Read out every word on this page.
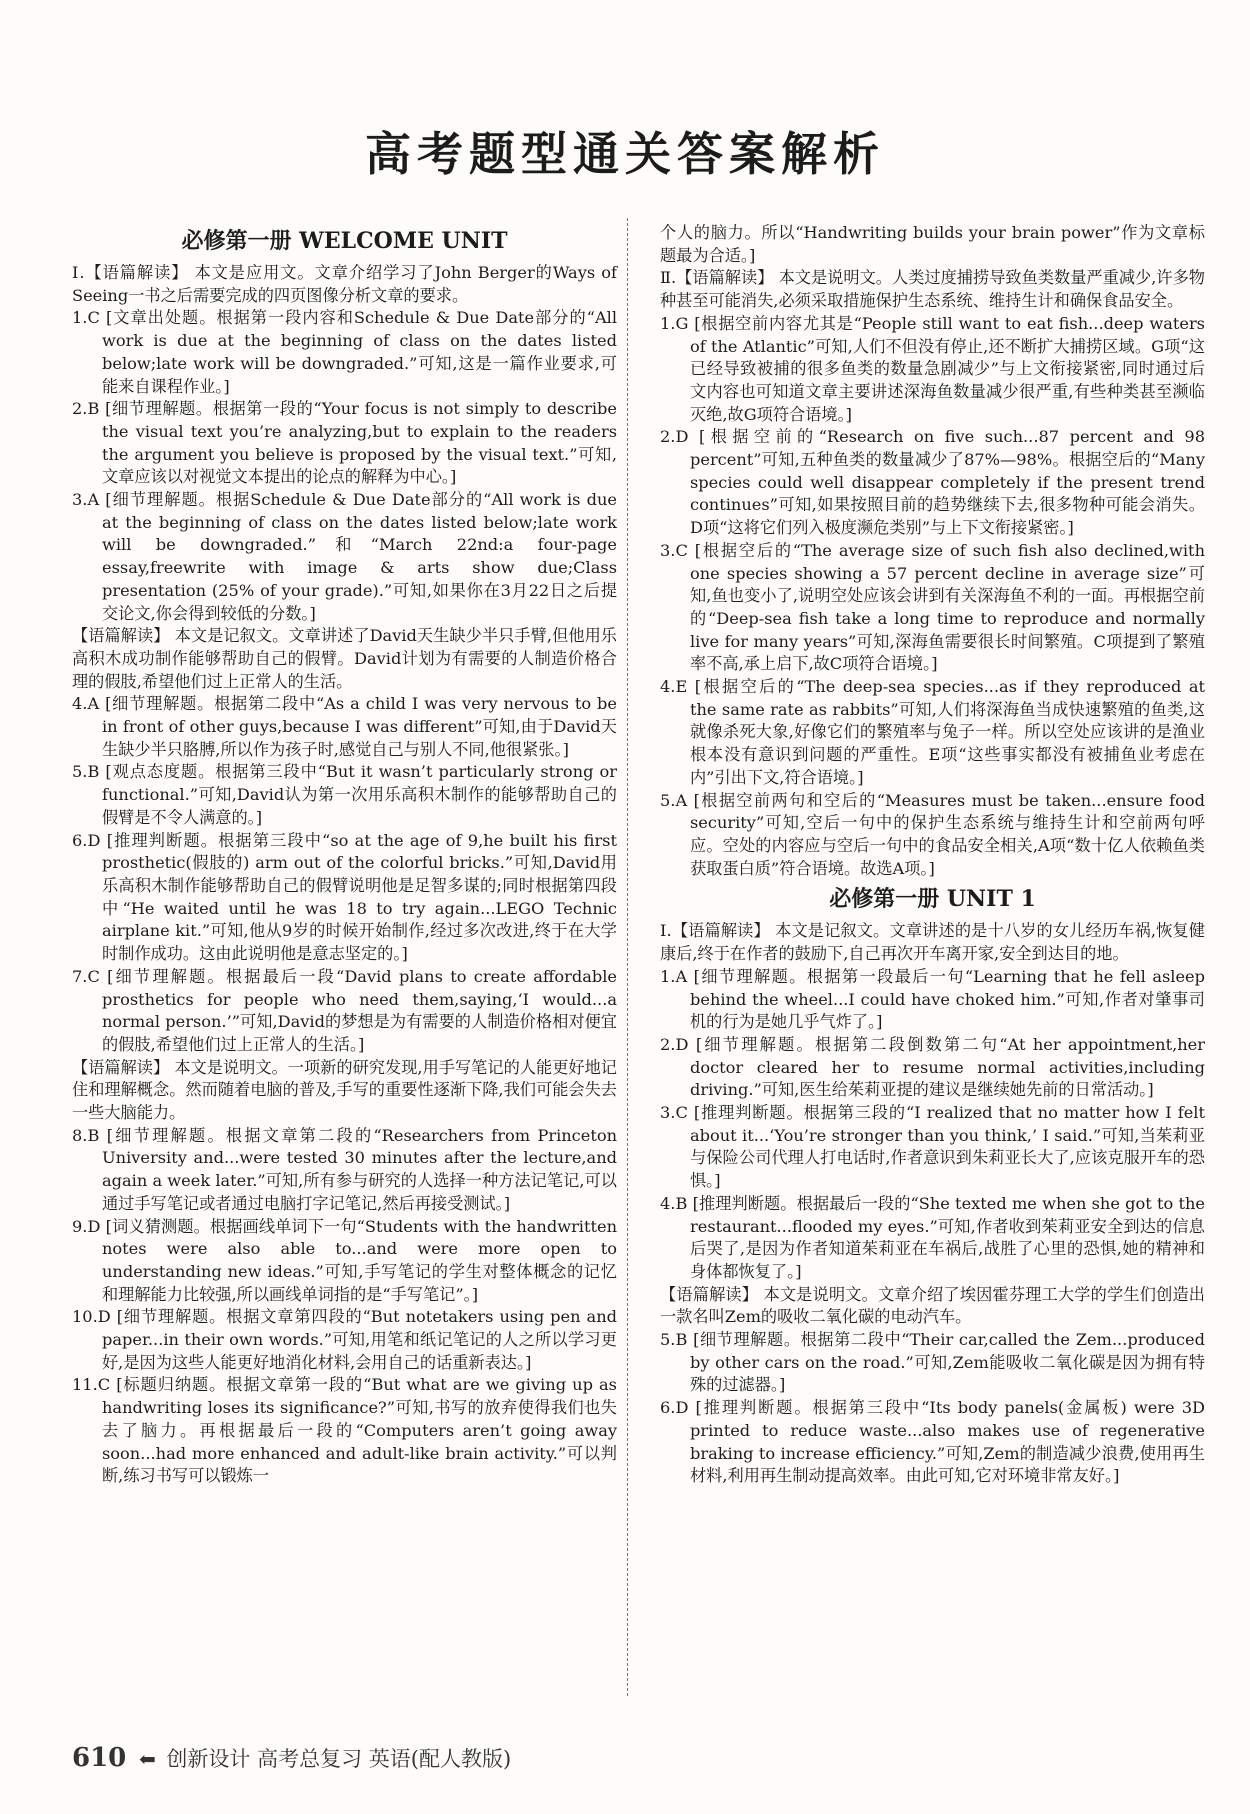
高考题型通关答案解析
必修第一册 WELCOME UNIT

Ⅰ.【语篇解读】 本文是应用文。文章介绍学习了John Berger的Ways of Seeing一书之后需要完成的四页图像分析文章的要求。

1.C [文章出处题。根据第一段内容和Schedule & Due Date部分的“All work is due at the beginning of class on the dates listed below;late work will be downgraded.”可知,这是一篇作业要求,可能来自课程作业。]

2.B [细节理解题。根据第一段的“Your focus is not simply to describe the visual text you’re analyzing,but to explain to the readers the argument you believe is proposed by the visual text.”可知,文章应该以对视觉文本提出的论点的解释为中心。]

3.A [细节理解题。根据Schedule & Due Date部分的“All work is due at the beginning of class on the dates listed below;late work will be downgraded.”和“March 22nd:a four-page essay,freewrite with image & arts show due;Class presentation (25% of your grade).”可知,如果你在3月22日之后提交论文,你会得到较低的分数。]

【语篇解读】 本文是记叙文。文章讲述了David天生缺少半只手臂,但他用乐高积木成功制作能够帮助自己的假臂。David计划为有需要的人制造价格合理的假肢,希望他们过上正常人的生活。

4.A [细节理解题。根据第二段中“As a child I was very nervous to be in front of other guys,because I was different”可知,由于David天生缺少半只胳膊,所以作为孩子时,感觉自己与别人不同,他很紧张。]

5.B [观点态度题。根据第三段中“But it wasn’t particularly strong or functional.”可知,David认为第一次用乐高积木制作的能够帮助自己的假臂是不令人满意的。]

6.D [推理判断题。根据第三段中“so at the age of 9,he built his first prosthetic(假肢的) arm out of the colorful bricks.”可知,David用乐高积木制作能够帮助自己的假臂说明他是足智多谋的;同时根据第四段中“He waited until he was 18 to try again...LEGO Technic airplane kit.”可知,他从9岁的时候开始制作,经过多次改进,终于在大学时制作成功。这由此说明他是意志坚定的。]

7.C [细节理解题。根据最后一段“David plans to create affordable prosthetics for people who need them,saying,‘I would...a normal person.’”可知,David的梦想是为有需要的人制造价格相对便宜的假肢,希望他们过上正常人的生活。]

【语篇解读】 本文是说明文。一项新的研究发现,用手写笔记的人能更好地记住和理解概念。然而随着电脑的普及,手写的重要性逐渐下降,我们可能会失去一些大脑能力。

8.B [细节理解题。根据文章第二段的“Researchers from Princeton University and...were tested 30 minutes after the lecture,and again a week later.”可知,所有参与研究的人选择一种方法记笔记,可以通过手写笔记或者通过电脑打字记笔记,然后再接受测试。]

9.D [词义猜测题。根据画线单词下一句“Students with the handwritten notes were also able to...and were more open to understanding new ideas.”可知,手写笔记的学生对整体概念的记忆和理解能力比较强,所以画线单词指的是“手写笔记”。]

10.D [细节理解题。根据文章第四段的“But notetakers using pen and paper...in their own words.”可知,用笔和纸记笔记的人之所以学习更好,是因为这些人能更好地消化材料,会用自己的话重新表达。]

11.C [标题归纳题。根据文章第一段的“But what are we giving up as handwriting loses its significance?”可知,书写的放弃使得我们也失去了脑力。再根据最后一段的“Computers aren’t going away soon...had more enhanced and adult-like brain activity.”可以判断,练习书写可以锻炼一

个人的脑力。所以“Handwriting builds your brain power”作为文章标题最为合适。]

Ⅱ.【语篇解读】 本文是说明文。人类过度捕捞导致鱼类数量严重减少,许多物种甚至可能消失,必须采取措施保护生态系统、维持生计和确保食品安全。

1.G [根据空前内容尤其是“People still want to eat fish...deep waters of the Atlantic”可知,人们不但没有停止,还不断扩大捕捞区域。G项“这已经导致被捕的很多鱼类的数量急剧减少”与上文衔接紧密,同时通过后文内容也可知道文章主要讲述深海鱼数量减少很严重,有些种类甚至濒临灭绝,故G项符合语境。]

2.D [根据空前的“Research on five such...87 percent and 98 percent”可知,五种鱼类的数量减少了87%—98%。根据空后的“Many species could well disappear completely if the present trend continues”可知,如果按照目前的趋势继续下去,很多物种可能会消失。D项“这将它们列入极度濒危类别”与上下文衔接紧密。]

3.C [根据空后的“The average size of such fish also declined,with one species showing a 57 percent decline in average size”可知,鱼也变小了,说明空处应该会讲到有关深海鱼不利的一面。再根据空前的“Deep-sea fish take a long time to reproduce and normally live for many years”可知,深海鱼需要很长时间繁殖。C项提到了繁殖率不高,承上启下,故C项符合语境。]

4.E [根据空后的“The deep-sea species...as if they reproduced at the same rate as rabbits”可知,人们将深海鱼当成快速繁殖的鱼类,这就像杀死大象,好像它们的繁殖率与兔子一样。所以空处应该讲的是渔业根本没有意识到问题的严重性。E项“这些事实都没有被捕鱼业考虑在内”引出下文,符合语境。]

5.A [根据空前两句和空后的“Measures must be taken...ensure food security”可知,空后一句中的保护生态系统与维持生计和空前两句呼应。空处的内容应与空后一句中的食品安全相关,A项“数十亿人依赖鱼类获取蛋白质”符合语境。故选A项。]

必修第一册 UNIT 1

Ⅰ.【语篇解读】 本文是记叙文。文章讲述的是十八岁的女儿经历车祸,恢复健康后,终于在作者的鼓励下,自己再次开车离开家,安全到达目的地。

1.A [细节理解题。根据第一段最后一句“Learning that he fell asleep behind the wheel...I could have choked him.”可知,作者对肇事司机的行为是她几乎气炸了。]

2.D [细节理解题。根据第二段倒数第二句“At her appointment,her doctor cleared her to resume normal activities,including driving.”可知,医生给茱莉亚提的建议是继续她先前的日常活动。]

3.C [推理判断题。根据第三段的“I realized that no matter how I felt about it...‘You’re stronger than you think,’ I said.”可知,当茱莉亚与保险公司代理人打电话时,作者意识到朱莉亚长大了,应该克服开车的恐惧。]

4.B [推理判断题。根据最后一段的“She texted me when she got to the restaurant...flooded my eyes.”可知,作者收到茱莉亚安全到达的信息后哭了,是因为作者知道茱莉亚在车祸后,战胜了心里的恐惧,她的精神和身体都恢复了。]

【语篇解读】 本文是说明文。文章介绍了埃因霍芬理工大学的学生们创造出一款名叫Zem的吸收二氧化碳的电动汽车。

5.B [细节理解题。根据第二段中“Their car,called the Zem...produced by other cars on the road.”可知,Zem能吸收二氧化碳是因为拥有特殊的过滤器。]

6.D [推理判断题。根据第三段中“Its body panels(金属板) were 3D printed to reduce waste...also makes use of regenerative braking to increase efficiency.”可知,Zem的制造减少浪费,使用再生材料,利用再生制动提高效率。由此可知,它对环境非常友好。]

610 ⬅ 创新设计 高考总复习 英语(配人教版)
